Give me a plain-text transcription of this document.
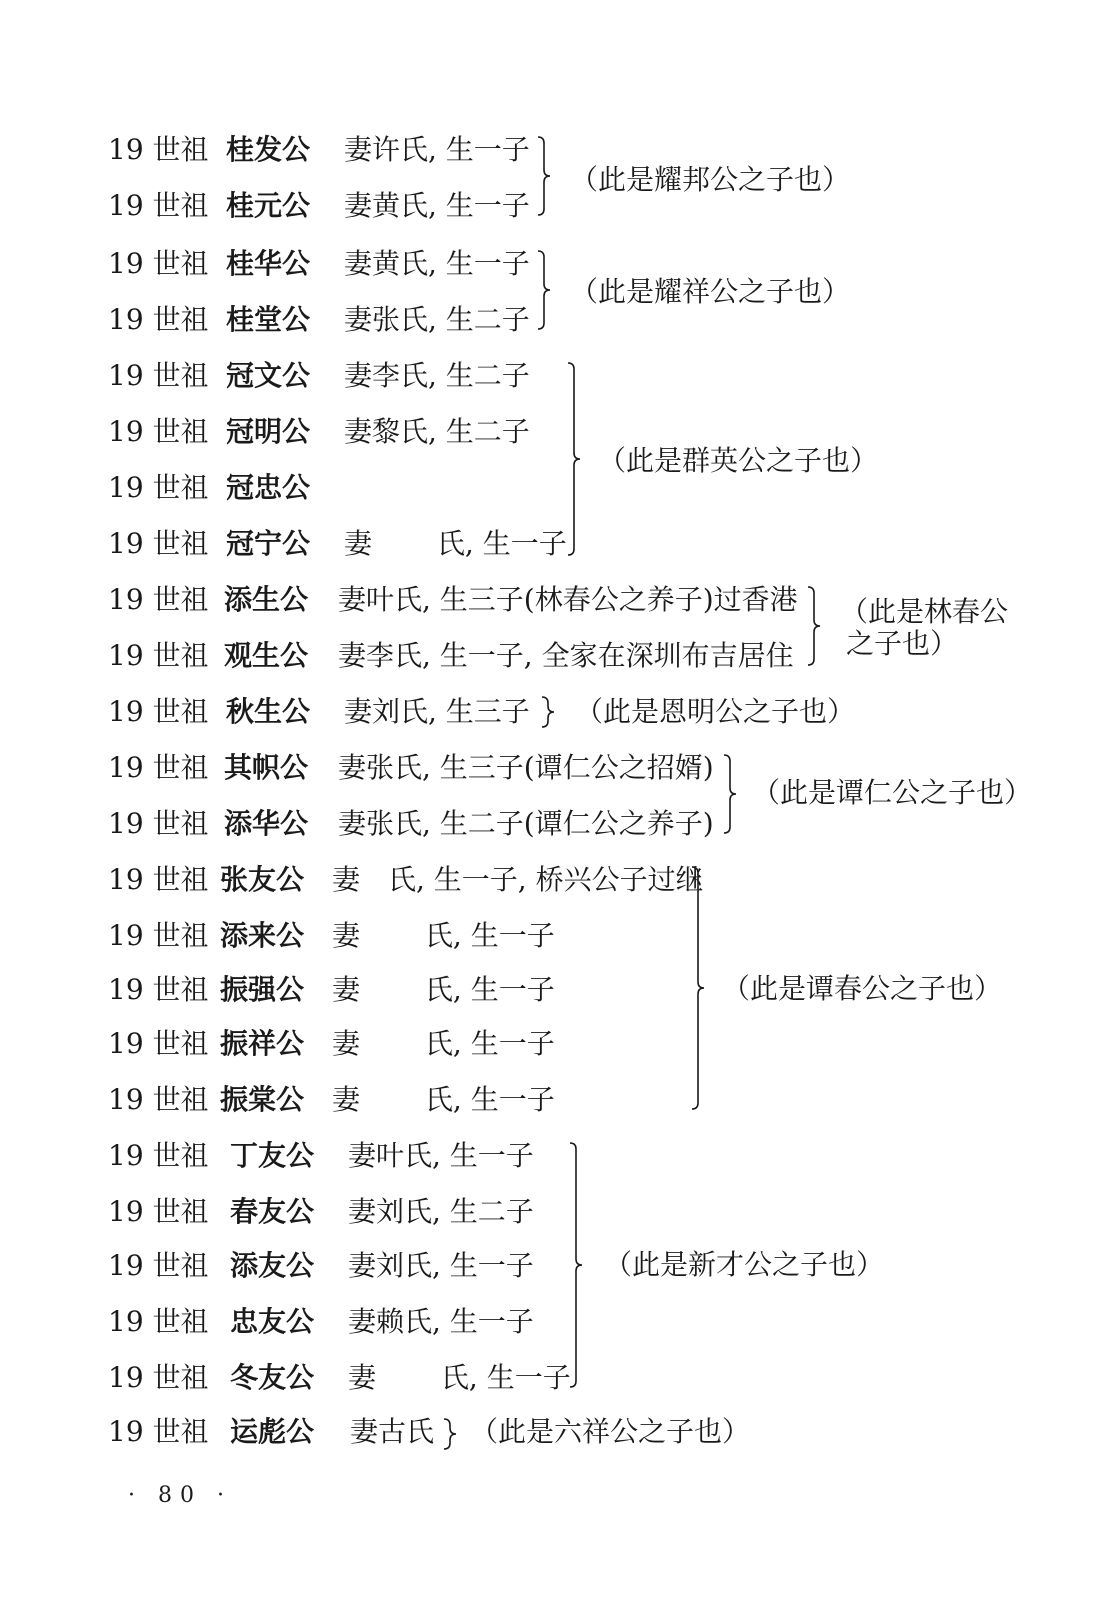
19 世祖 桂发公 妻许氏, 生一子
19 世祖 桂元公 妻黄氏, 生一子
19 世祖 桂华公 妻黄氏, 生一子
19 世祖 桂堂公 妻张氏, 生二子
19 世祖 冠文公 妻李氏, 生二子
19 世祖 冠明公 妻黎氏, 生二子
19 世祖 冠忠公
19 世祖 冠宁公 妻　　 氏, 生一子
19 世祖 添生公 妻叶氏, 生三子(林春公之养子)过香港
19 世祖 观生公 妻李氏, 生一子, 全家在深圳布吉居住
19 世祖 秋生公 妻刘氏, 生三子
19 世祖 其帜公 妻张氏, 生三子(谭仁公之招婿)
19 世祖 添华公 妻张氏, 生二子(谭仁公之养子)
19 世祖 张友公 妻　氏, 生一子, 桥兴公子过继
19 世祖 添来公 妻　　 氏, 生一子
19 世祖 振强公 妻　　 氏, 生一子
19 世祖 振祥公 妻　　 氏, 生一子
19 世祖 振棠公 妻　　 氏, 生一子
19 世祖 丁友公 妻叶氏, 生一子
19 世祖 春友公 妻刘氏, 生二子
19 世祖 添友公 妻刘氏, 生一子
19 世祖 忠友公 妻赖氏, 生一子
19 世祖 冬友公 妻　　 氏, 生一子
19 世祖 运彪公 妻古氏
（此是耀邦公之子也）
（此是耀祥公之子也）
（此是群英公之子也）
（此是林春公
之子也）
（此是恩明公之子也）
（此是谭仁公之子也）
（此是谭春公之子也）
（此是新才公之子也）
（此是六祥公之子也）
· 80 ·
